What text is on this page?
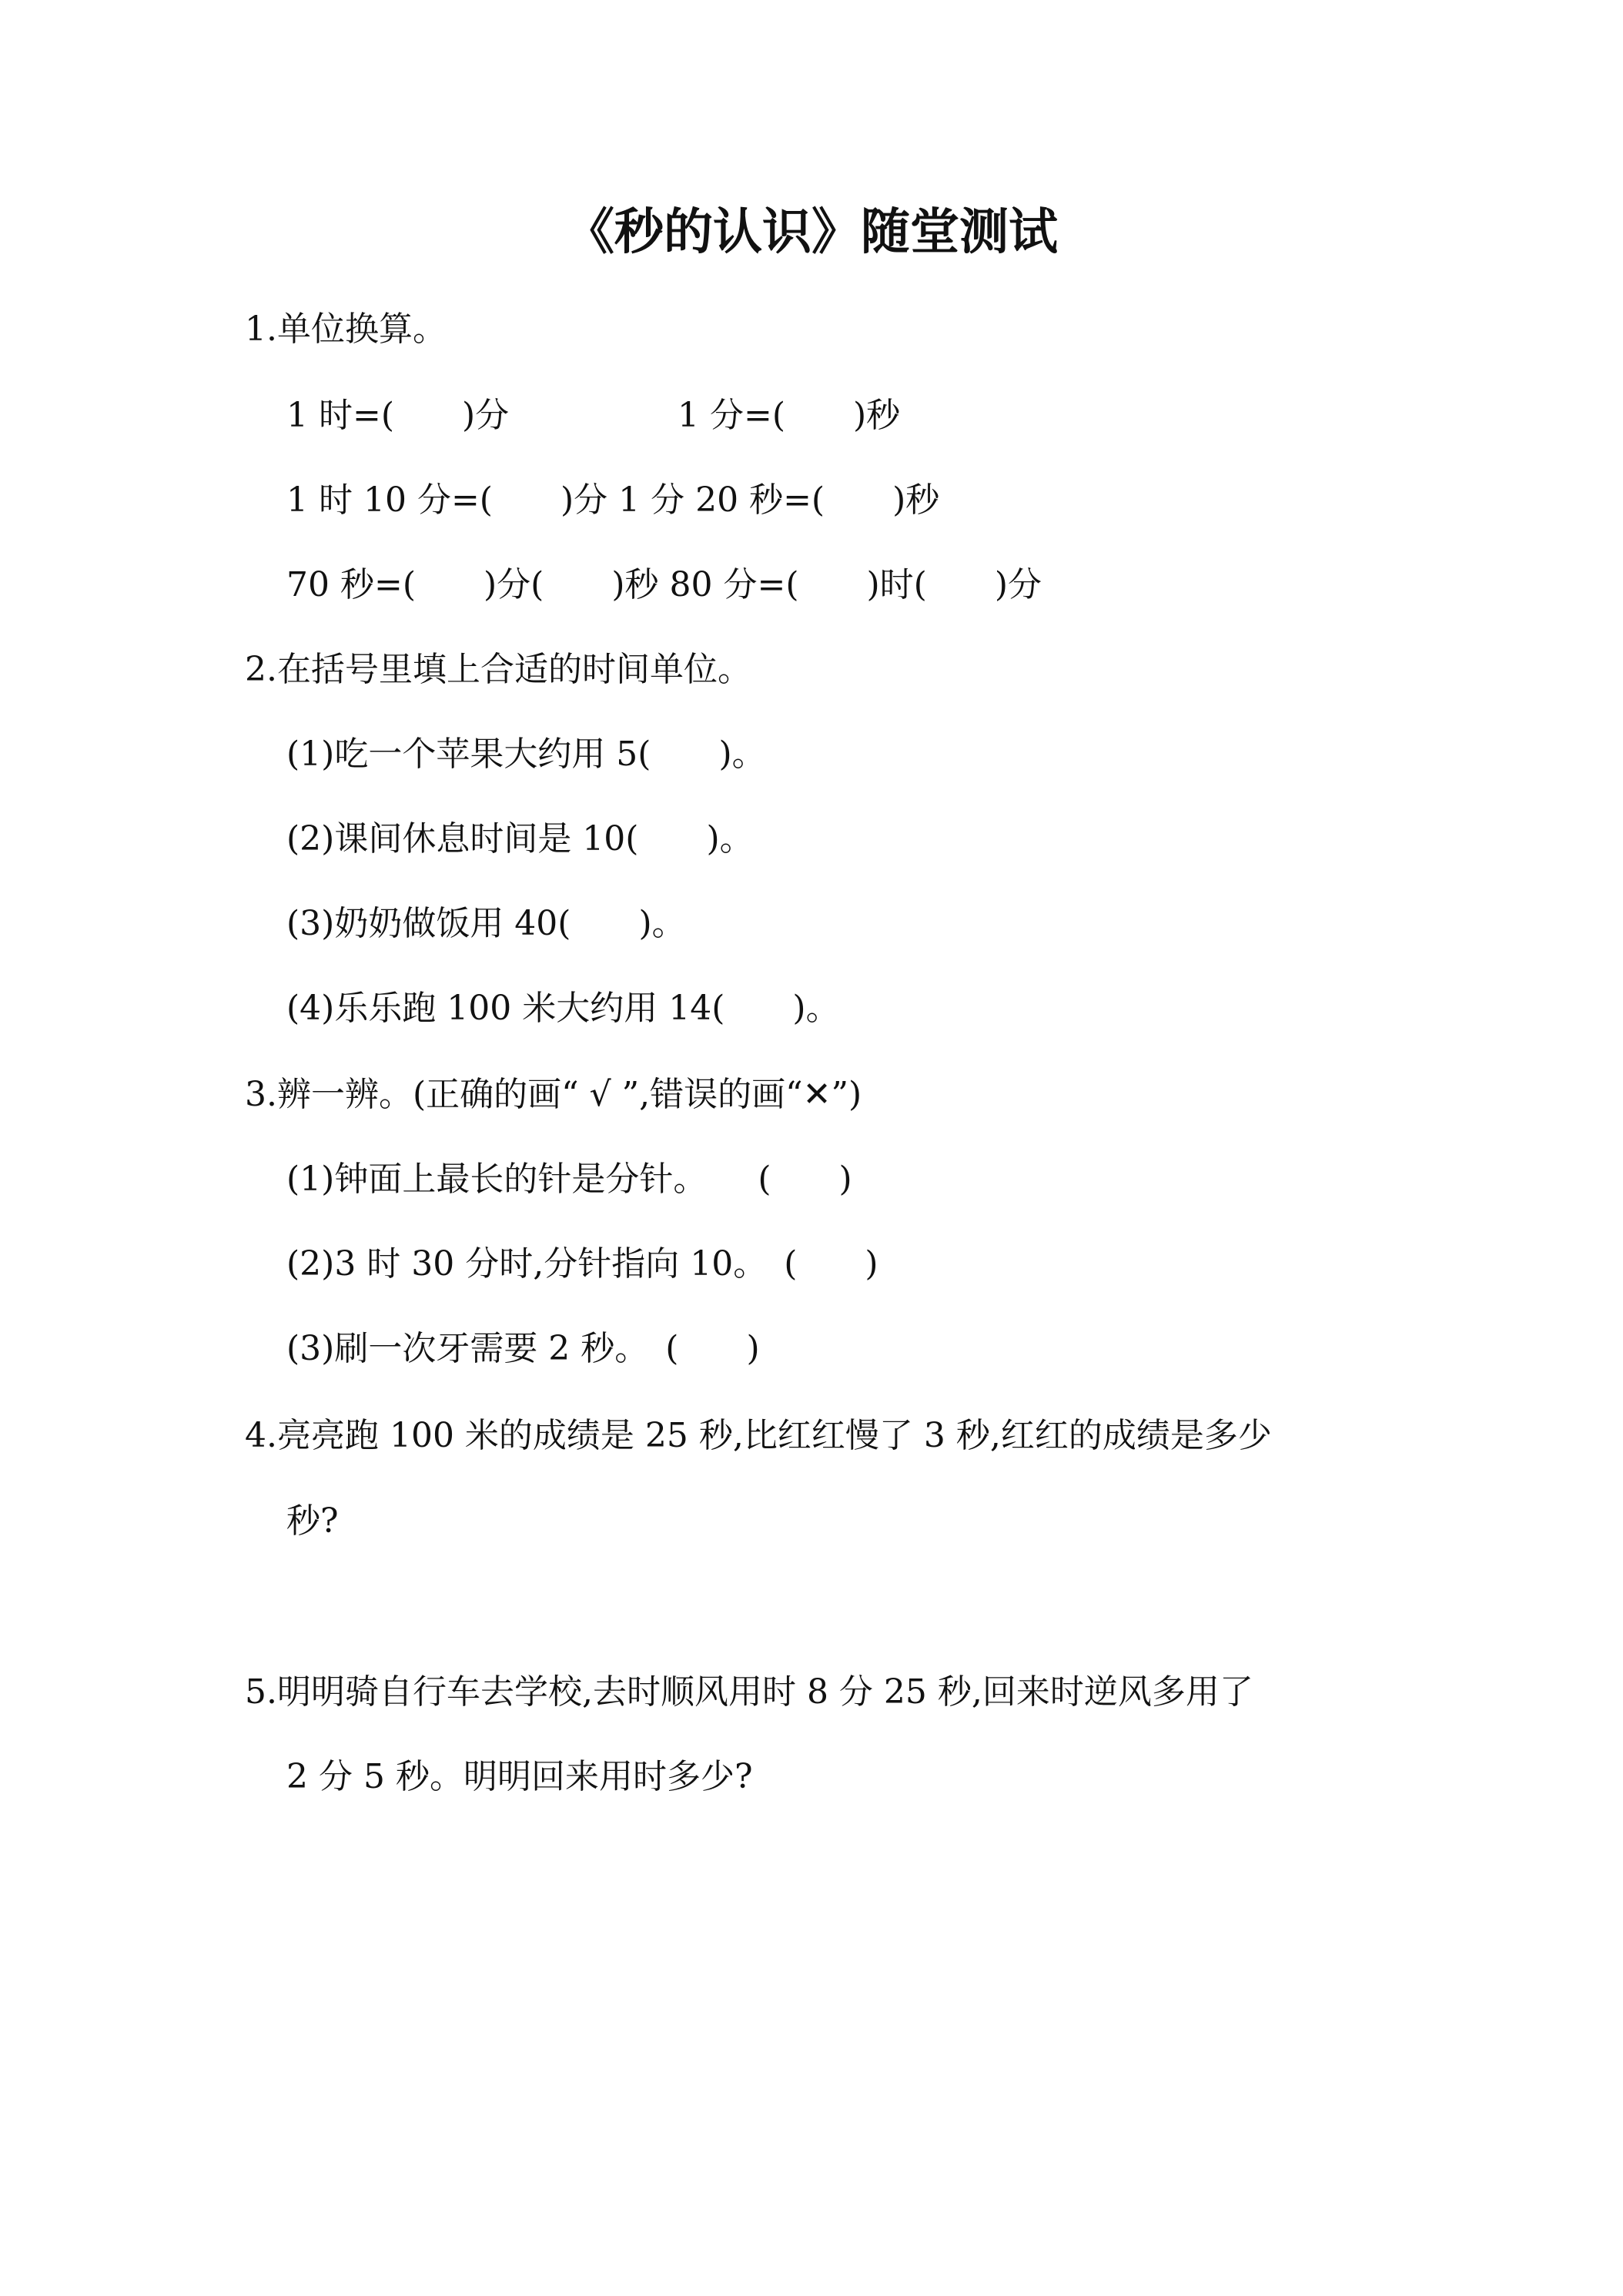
《秒的认识》随堂测试
1.单位换算。
1 时=(　　)分	1 分=(　　)秒
1 时 10 分=(　　)分 1 分 20 秒=(　　)秒
70 秒=(　　)分(　　)秒 80 分=(　　)时(　　)分
2.在括号里填上合适的时间单位。
(1)吃一个苹果大约用 5(　　)。
(2)课间休息时间是 10(　　)。
(3)奶奶做饭用 40(　　)。
(4)乐乐跑 100 米大约用 14(　　)。
3.辨一辨。(正确的画“ √ ”,错误的画“✕”)
(1)钟面上最长的针是分针。　　(　　)
(2)3 时 30 分时,分针指向 10。　(　　)
(3)刷一次牙需要 2 秒。　(　　)
4.亮亮跑 100 米的成绩是 25 秒,比红红慢了 3 秒,红红的成绩是多少
秒?
5.明明骑自行车去学校,去时顺风用时 8 分 25 秒,回来时逆风多用了
2 分 5 秒。明明回来用时多少?
